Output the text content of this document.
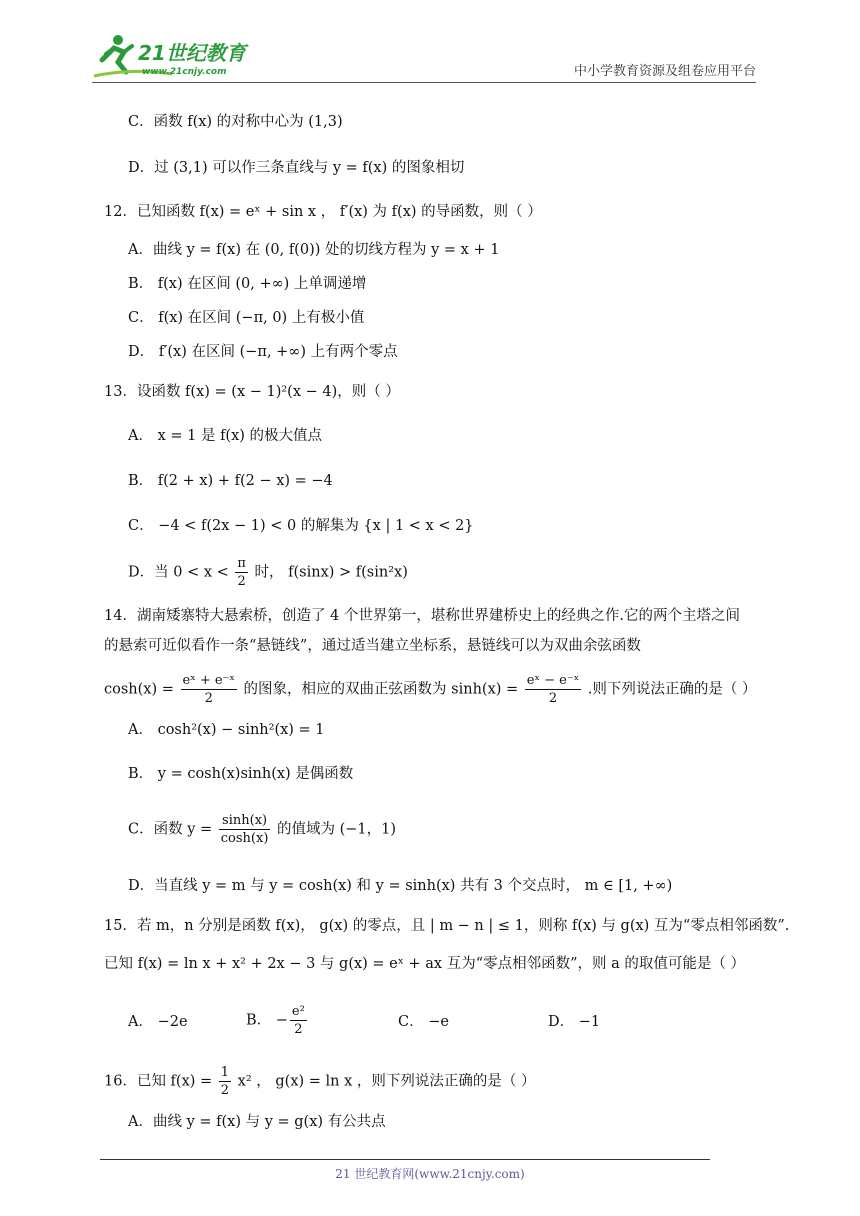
21世纪教育
www.21cnjy.com	中小学教育资源及组卷应用平台
C．函数 f(x) 的对称中心为 (1,3)
D．过 (3,1) 可以作三条直线与 y = f(x) 的图象相切
12．已知函数 f(x) = eˣ + sin x ， f′(x) 为 f(x) 的导函数，则（ ）
A．曲线 y = f(x) 在 (0, f(0)) 处的切线方程为 y = x + 1
B． f(x) 在区间 (0, +∞) 上单调递增
C． f(x) 在区间 (−π, 0) 上有极小值
D． f′(x) 在区间 (−π, +∞) 上有两个零点
13．设函数 f(x) = (x − 1)²(x − 4)，则（ ）
A． x = 1 是 f(x) 的极大值点
B． f(2 + x) + f(2 − x) = −4
C． −4 < f(2x − 1) < 0 的解集为 {x | 1 < x < 2}
D．当 $0 < x < \frac{\pi}{2}$ 时， f(sinx) > f(sin²x)
14．湖南矮寨特大悬索桥，创造了 4 个世界第一，堪称世界建桥史上的经典之作.它的两个主塔之间
的悬索可近似看作一条“悬链线”，通过适当建立坐标系，悬链线可以为双曲余弦函数
$\cosh(x) = \frac{\text{eˣ + e⁻ˣ}}{2}$ 的图象，相应的双曲正弦函数为 $\sinh(x) = \frac{\text{eˣ − e⁻ˣ}}{2}$ .则下列说法正确的是（ ）
A． cosh²(x) − sinh²(x) = 1
B． y = cosh(x)sinh(x) 是偶函数
C．函数 $y = \frac{\sinh(x)}{\cosh(x)}$ 的值域为 (−1，1)
D．当直线 y = m 与 y = cosh(x) 和 y = sinh(x) 共有 3 个交点时， m ∈ [1, +∞)
15．若 m，n 分别是函数 f(x)， g(x) 的零点，且 | m − n | ≤ 1，则称 f(x) 与 g(x) 互为“零点相邻函数”.
已知 f(x) = ln x + x² + 2x − 3 与 g(x) = eˣ + ax 互为“零点相邻函数”，则 a 的取值可能是（ ）
A． −2e	B． − $\frac{\text{e²}}{2}$	C． −e	D． −1
16．已知 $f(x) = \frac{1}{2} x^2$ ， g(x) = ln x ，则下列说法正确的是（ ）
A．曲线 y = f(x) 与 y = g(x) 有公共点
21 世纪教育网(www.21cnjy.com)
